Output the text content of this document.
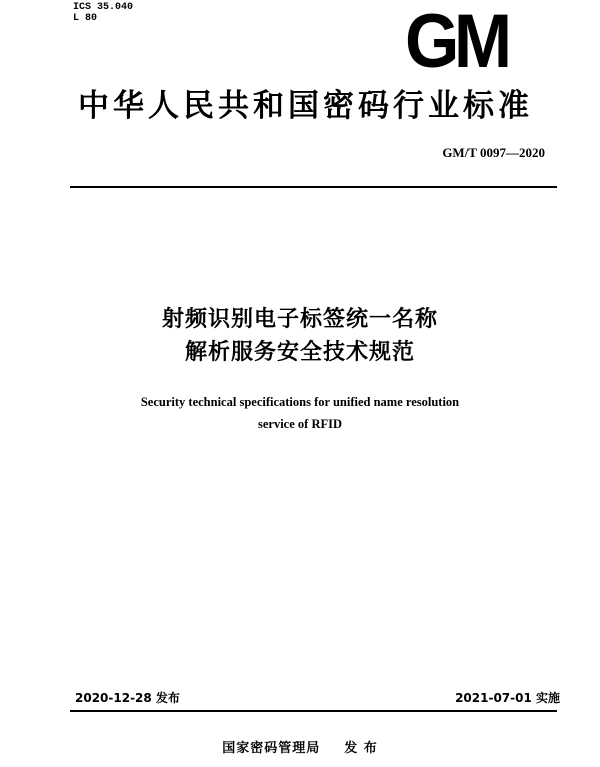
ICS 35.040
L 80	GM
中华人民共和国密码行业标准
GM/T 0097—2020
射频识别电子标签统一名称
解析服务安全技术规范
Security technical specifications for unified name resolution
service of RFID
2020-12-28 发布	2021-07-01 实施
国家密码管理局 发 布
